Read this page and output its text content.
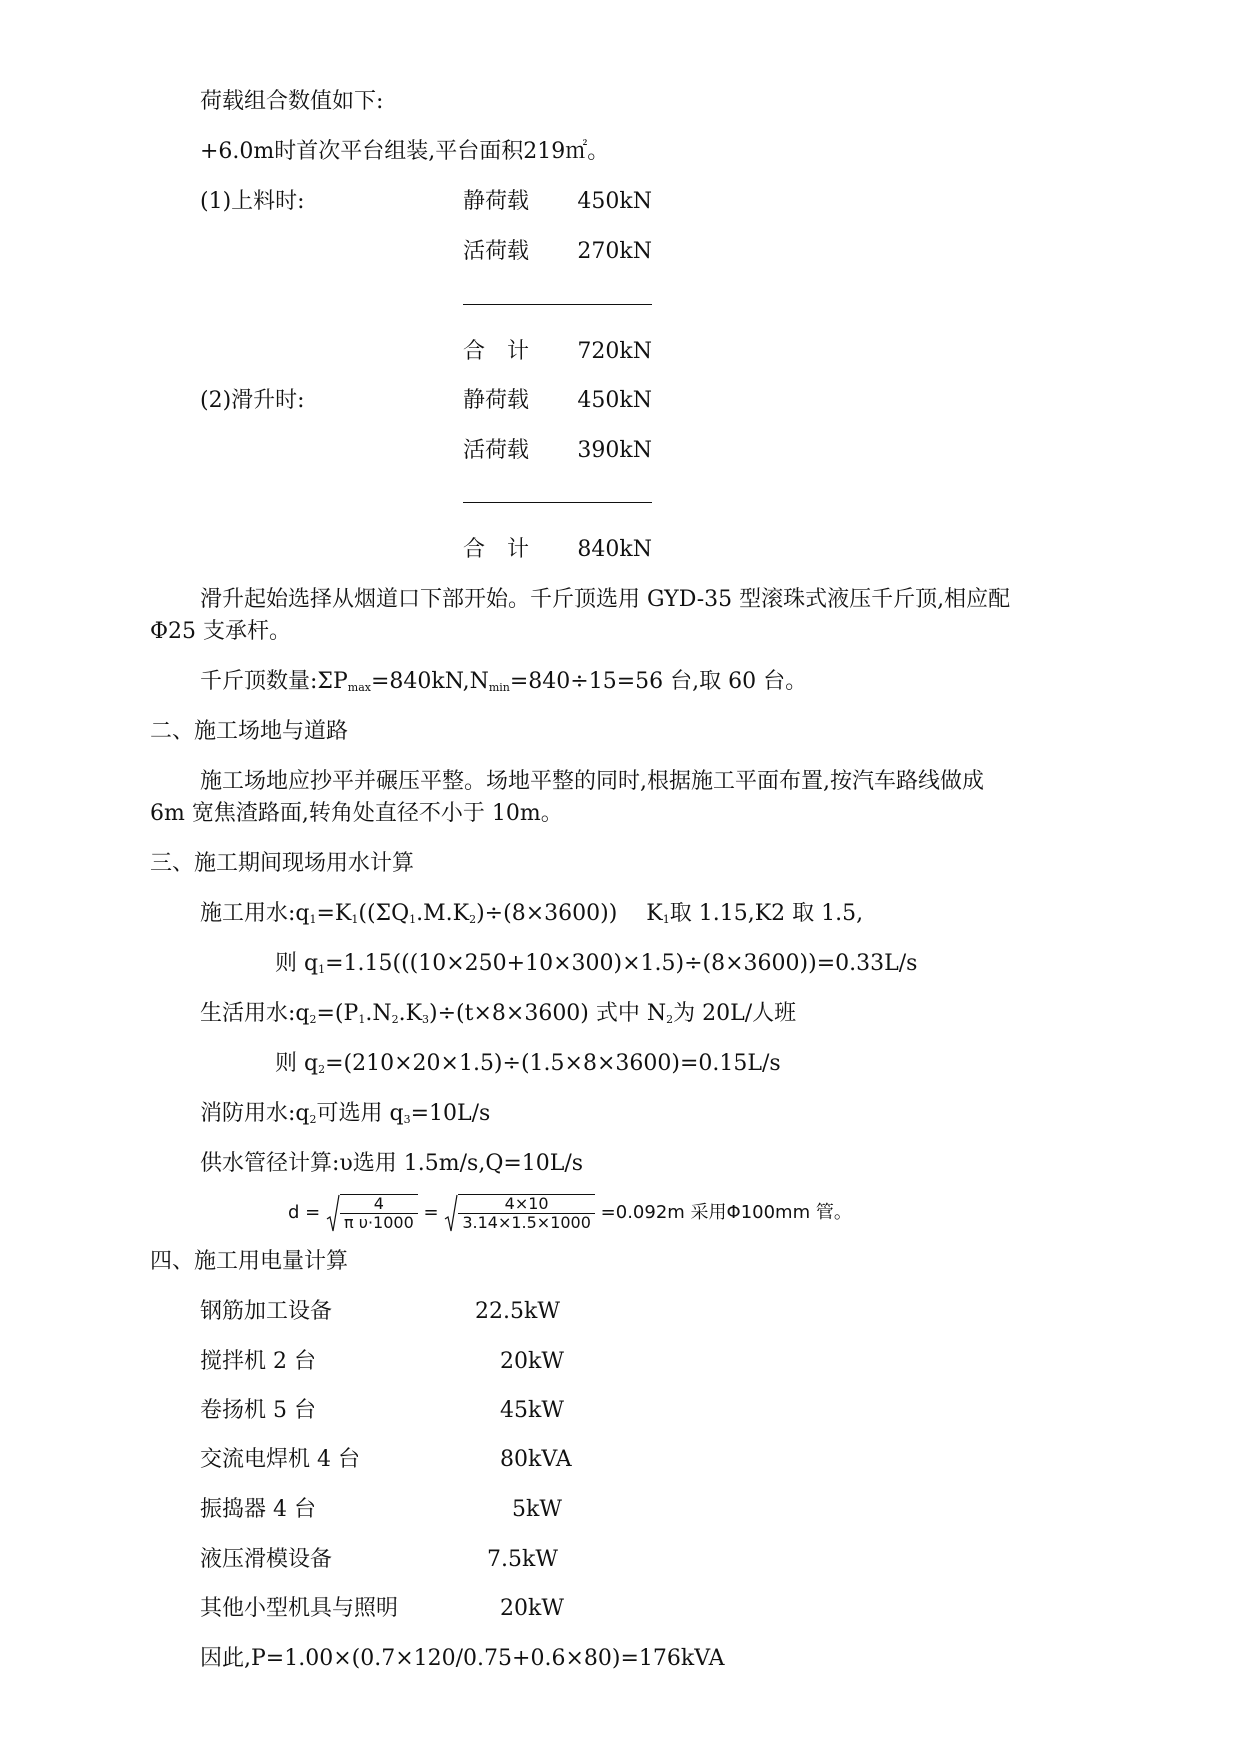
荷载组合数值如下:
+6.0m时首次平台组装,平台面积219㎡。
(1)上料时:	静荷载	450kN
活荷载	270kN
合　计	720kN
(2)滑升时:	静荷载	450kN
活荷载	390kN
合　计	840kN
滑升起始选择从烟道口下部开始。千斤顶选用 GYD-35 型滚珠式液压千斤顶,相应配
Φ25 支承杆。
千斤顶数量$:\Sigma P_{max}=840kN,N_{min}=840\div 15=56$ 台,取 60 台。
二、施工场地与道路
施工场地应抄平并碾压平整。场地平整的同时,根据施工平面布置,按汽车路线做成
6m 宽焦渣路面,转角处直径不小于 10m。
三、施工期间现场用水计算
施工用水$:q_1=K_1((\Sigma Q_1.M.K_2)\div(8\times 3600))$　 $K_1$取 1.15,K2 取 1.5,
则 $q_1=1.15(((10\times 250+10\times 300)\times 1.5)\div(8\times 3600))=0.33L/s$
生活用水$:q_2=(P_1.N_2.K_3)\div(t\times 8\times 3600)$ 式中 $N_2$为 20L/人班
则 $q_2=(210\times 20\times 1.5)\div(1.5\times 8\times 3600)=0.15L/s$
消防用水$:q_2$可选用 $q_3=10L/s$
供水管径计算:υ选用 1.5m/s,Q=10L/s
$d = \frac{4}{\text{π υ·1000}} = \frac{4\times 10}{3.14\times 1.5\times 1000} =0.092m$ 采用Φ100mm 管。
四、施工用电量计算
钢筋加工设备	22.5kW
搅拌机 2 台	20kW
卷扬机 5 台	45kW
交流电焊机 4 台	80kVA
振捣器 4 台	5kW
液压滑模设备	7.5kW
其他小型机具与照明	20kW
因此,P=1.00×(0.7×120/0.75+0.6×80)=176kVA
